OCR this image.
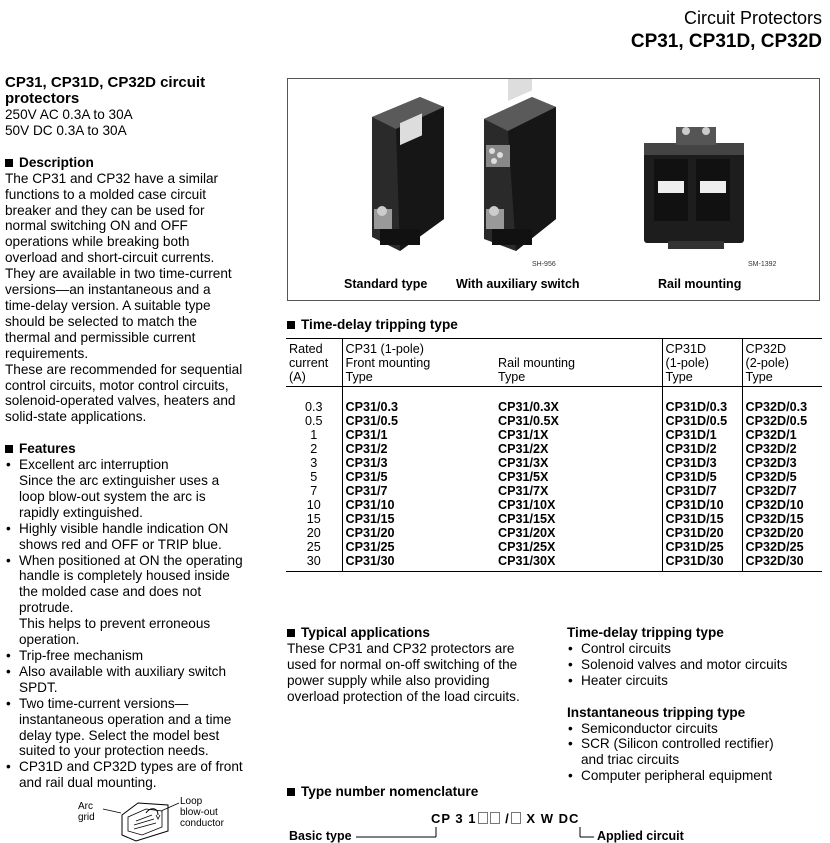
Circuit Protectors
CP31, CP31D, CP32D

CP31, CP31D, CP32D circuit
protectors

250V AC 0.3A to 30A

50V DC 0.3A to 30A

Description

The CP31 and CP32 have a similar

functions to a molded case circuit

breaker and they can be used for

normal switching ON and OFF

operations while breaking both

overload and short-circuit currents.

They are available in two time-current

versions—an instantaneous and a

time-delay version. A suitable type

should be selected to match the

thermal and permissible current

requirements.

These are recommended for sequential

control circuits, motor control circuits,

solenoid-operated valves, heaters and

solid-state applications.

Features

• Excellent arc interruption
Since the arc extinguisher uses a
loop blow-out system the arc is
rapidly extinguished.
• Highly visible handle indication ON
shows red and OFF or TRIP blue.
• When positioned at ON the operating
handle is completely housed inside
the molded case and does not
protrude.
This helps to prevent erroneous
operation.
• Trip-free mechanism
• Also available with auxiliary switch
SPDT.
• Two time-current versions—
instantaneous operation and a time
delay type. Select the model best
suited to your protection needs.
• CP31D and CP32D types are of front
and rail dual mounting.
Arc
grid
Loop
blow-out
conductor
SH-956	SM-1392
Standard type With auxiliary switch	Rail mounting
Time-delay tripping type
Rated
current
(A)	CP31 (1-pole)
Front mounting
Type	Rail mounting
Type	CP31D
(1-pole)
Type	CP32D
(2-pole)
Type
0.3	CP31/0.3	CP31/0.3X	CP31D/0.3	CP32D/0.3
0.5	CP31/0.5	CP31/0.5X	CP31D/0.5	CP32D/0.5
1	CP31/1	CP31/1X	CP31D/1	CP32D/1
2	CP31/2	CP31/2X	CP31D/2	CP32D/2
3	CP31/3	CP31/3X	CP31D/3	CP32D/3
5	CP31/5	CP31/5X	CP31D/5	CP32D/5
7	CP31/7	CP31/7X	CP31D/7	CP32D/7
10	CP31/10	CP31/10X	CP31D/10	CP32D/10
15	CP31/15	CP31/15X	CP31D/15	CP32D/15
20	CP31/20	CP31/20X	CP31D/20	CP32D/20
25	CP31/25	CP31/25X	CP31D/25	CP32D/25
30	CP31/30	CP31/30X	CP31D/30	CP32D/30

Typical applications

These CP31 and CP32 protectors are

used for normal on-off switching of the

power supply while also providing

overload protection of the load circuits.

Time-delay tripping type

• Control circuits
• Solenoid valves and motor circuits
• Heater circuits

Instantaneous tripping type

• Semiconductor circuits
• SCR (Silicon controlled rectifier)
and triac circuits
• Computer peripheral equipment
Type number nomenclature
CP 3 1 / X W DC
Basic type	Applied circuit
